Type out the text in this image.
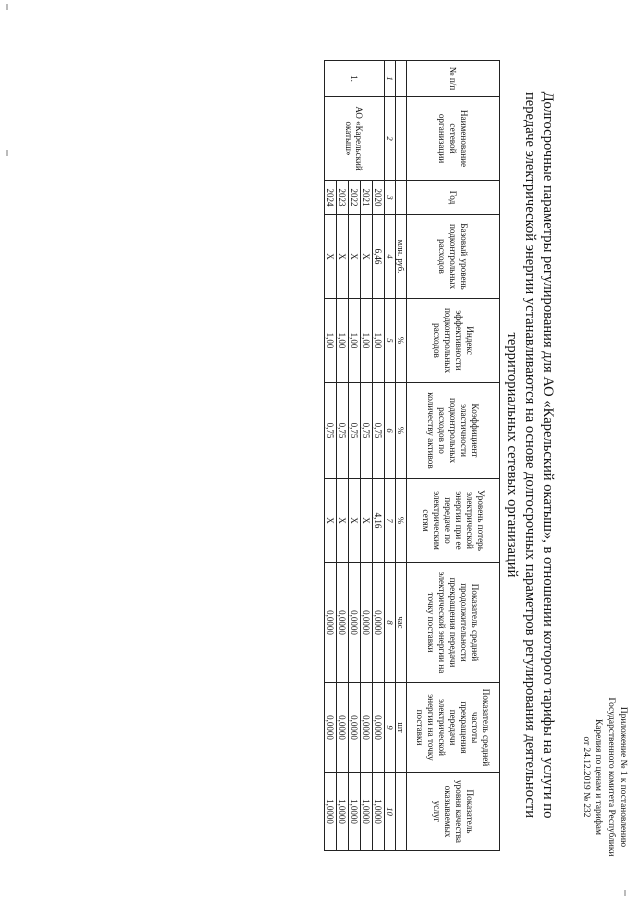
Приложение № 1 к постановлению
Государственного комитета Республики
Карелия по ценам и тарифам
от 24.12.2019 № 232
Долгосрочные параметры регулирования для АО «Карельский окатыш», в отношении которого тарифы на услуги по
передаче электрической энергии устанавливаются на основе долгосрочных параметров регулирования деятельности
территориальных сетевых организаций
№ п/п	Наименование сетевой организации	Год	Базовый уровень подконтрольных расходов	Индекс эффективности подконтрольных расходов	Коэффициент эластичности подконтрольных расходов по количеству активов	Уровень потерь электрической энергии при ее передаче по электрическим сетям	Показатель средней продолжительности прекращения передачи электрической энергии на точку поставки	Показатель средней частоты прекращения передачи электрической энергии на точку поставки	Показатель уровня качества оказываемых услуг
			млн. руб.	%	%	%	час	шт	
1	2	3	4	5	6	7	8	9	10
1.	АО «Карельский окатыш»	2020	6,46	1,00	0,75	4,16	0,0000	0,0000	1,0000
		2021	Х	1,00	0,75	Х	0,0000	0,0000	1,0000
		2022	Х	1,00	0,75	Х	0,0000	0,0000	1,0000
		2023	Х	1,00	0,75	Х	0,0000	0,0000	1,0000
		2024	Х	1,00	0,75	Х	0,0000	0,0000	1,0000
